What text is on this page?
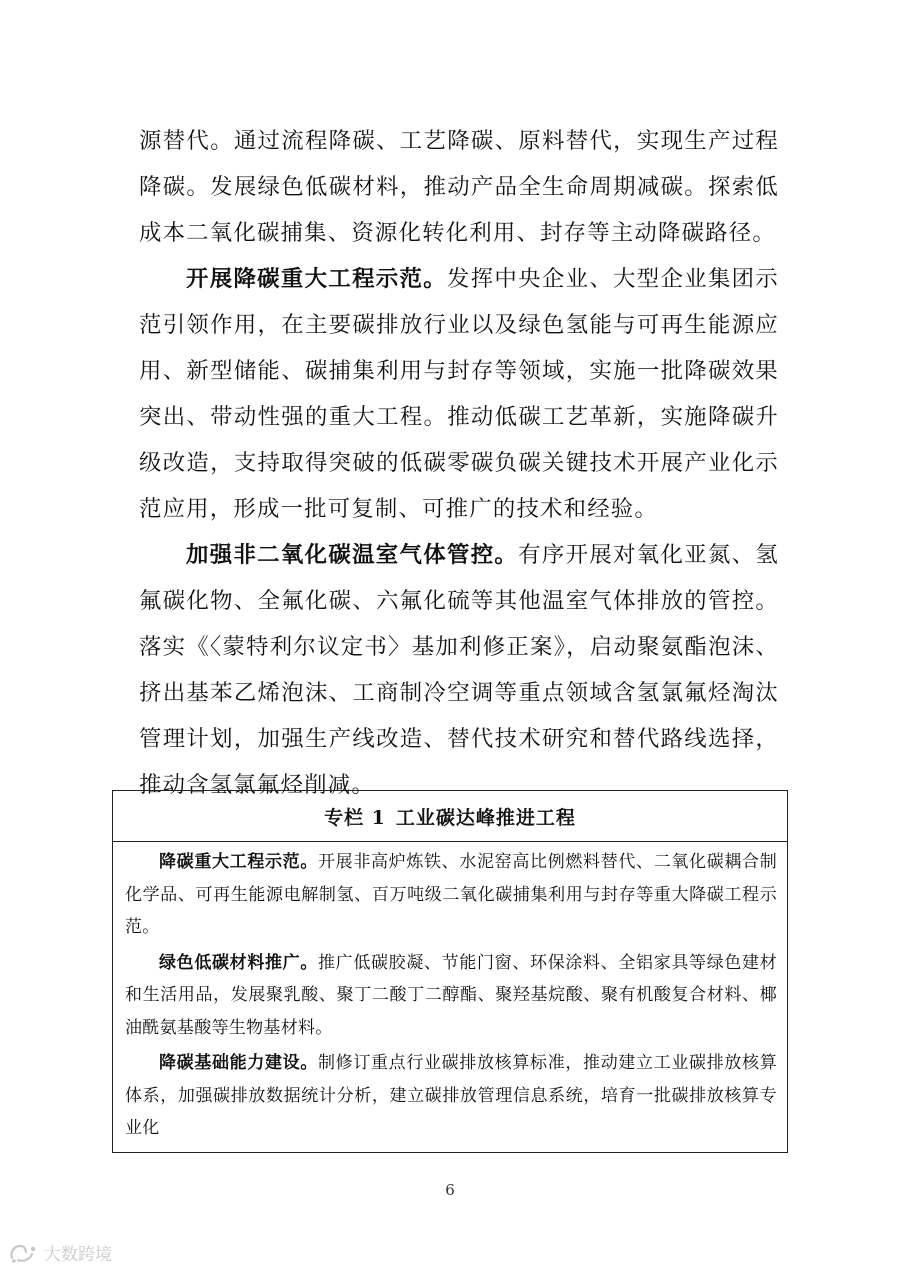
源替代。通过流程降碳、工艺降碳、原料替代，实现生产过程降碳。发展绿色低碳材料，推动产品全生命周期减碳。探索低成本二氧化碳捕集、资源化转化利用、封存等主动降碳路径。

开展降碳重大工程示范。发挥中央企业、大型企业集团示范引领作用，在主要碳排放行业以及绿色氢能与可再生能源应用、新型储能、碳捕集利用与封存等领域，实施一批降碳效果突出、带动性强的重大工程。推动低碳工艺革新，实施降碳升级改造，支持取得突破的低碳零碳负碳关键技术开展产业化示范应用，形成一批可复制、可推广的技术和经验。

加强非二氧化碳温室气体管控。有序开展对氧化亚氮、氢氟碳化物、全氟化碳、六氟化硫等其他温室气体排放的管控。落实《〈蒙特利尔议定书〉基加利修正案》，启动聚氨酯泡沫、挤出基苯乙烯泡沫、工商制冷空调等重点领域含氢氯氟烃淘汰管理计划，加强生产线改造、替代技术研究和替代路线选择，推动含氢氯氟烃削减。

专栏 1 工业碳达峰推进工程

降碳重大工程示范。开展非高炉炼铁、水泥窑高比例燃料替代、二氧化碳耦合制化学品、可再生能源电解制氢、百万吨级二氧化碳捕集利用与封存等重大降碳工程示范。

绿色低碳材料推广。推广低碳胶凝、节能门窗、环保涂料、全铝家具等绿色建材和生活用品，发展聚乳酸、聚丁二酸丁二醇酯、聚羟基烷酸、聚有机酸复合材料、椰油酰氨基酸等生物基材料。

降碳基础能力建设。制修订重点行业碳排放核算标准，推动建立工业碳排放核算体系，加强碳排放数据统计分析，建立碳排放管理信息系统，培育一批碳排放核算专业化

6
大数跨境
